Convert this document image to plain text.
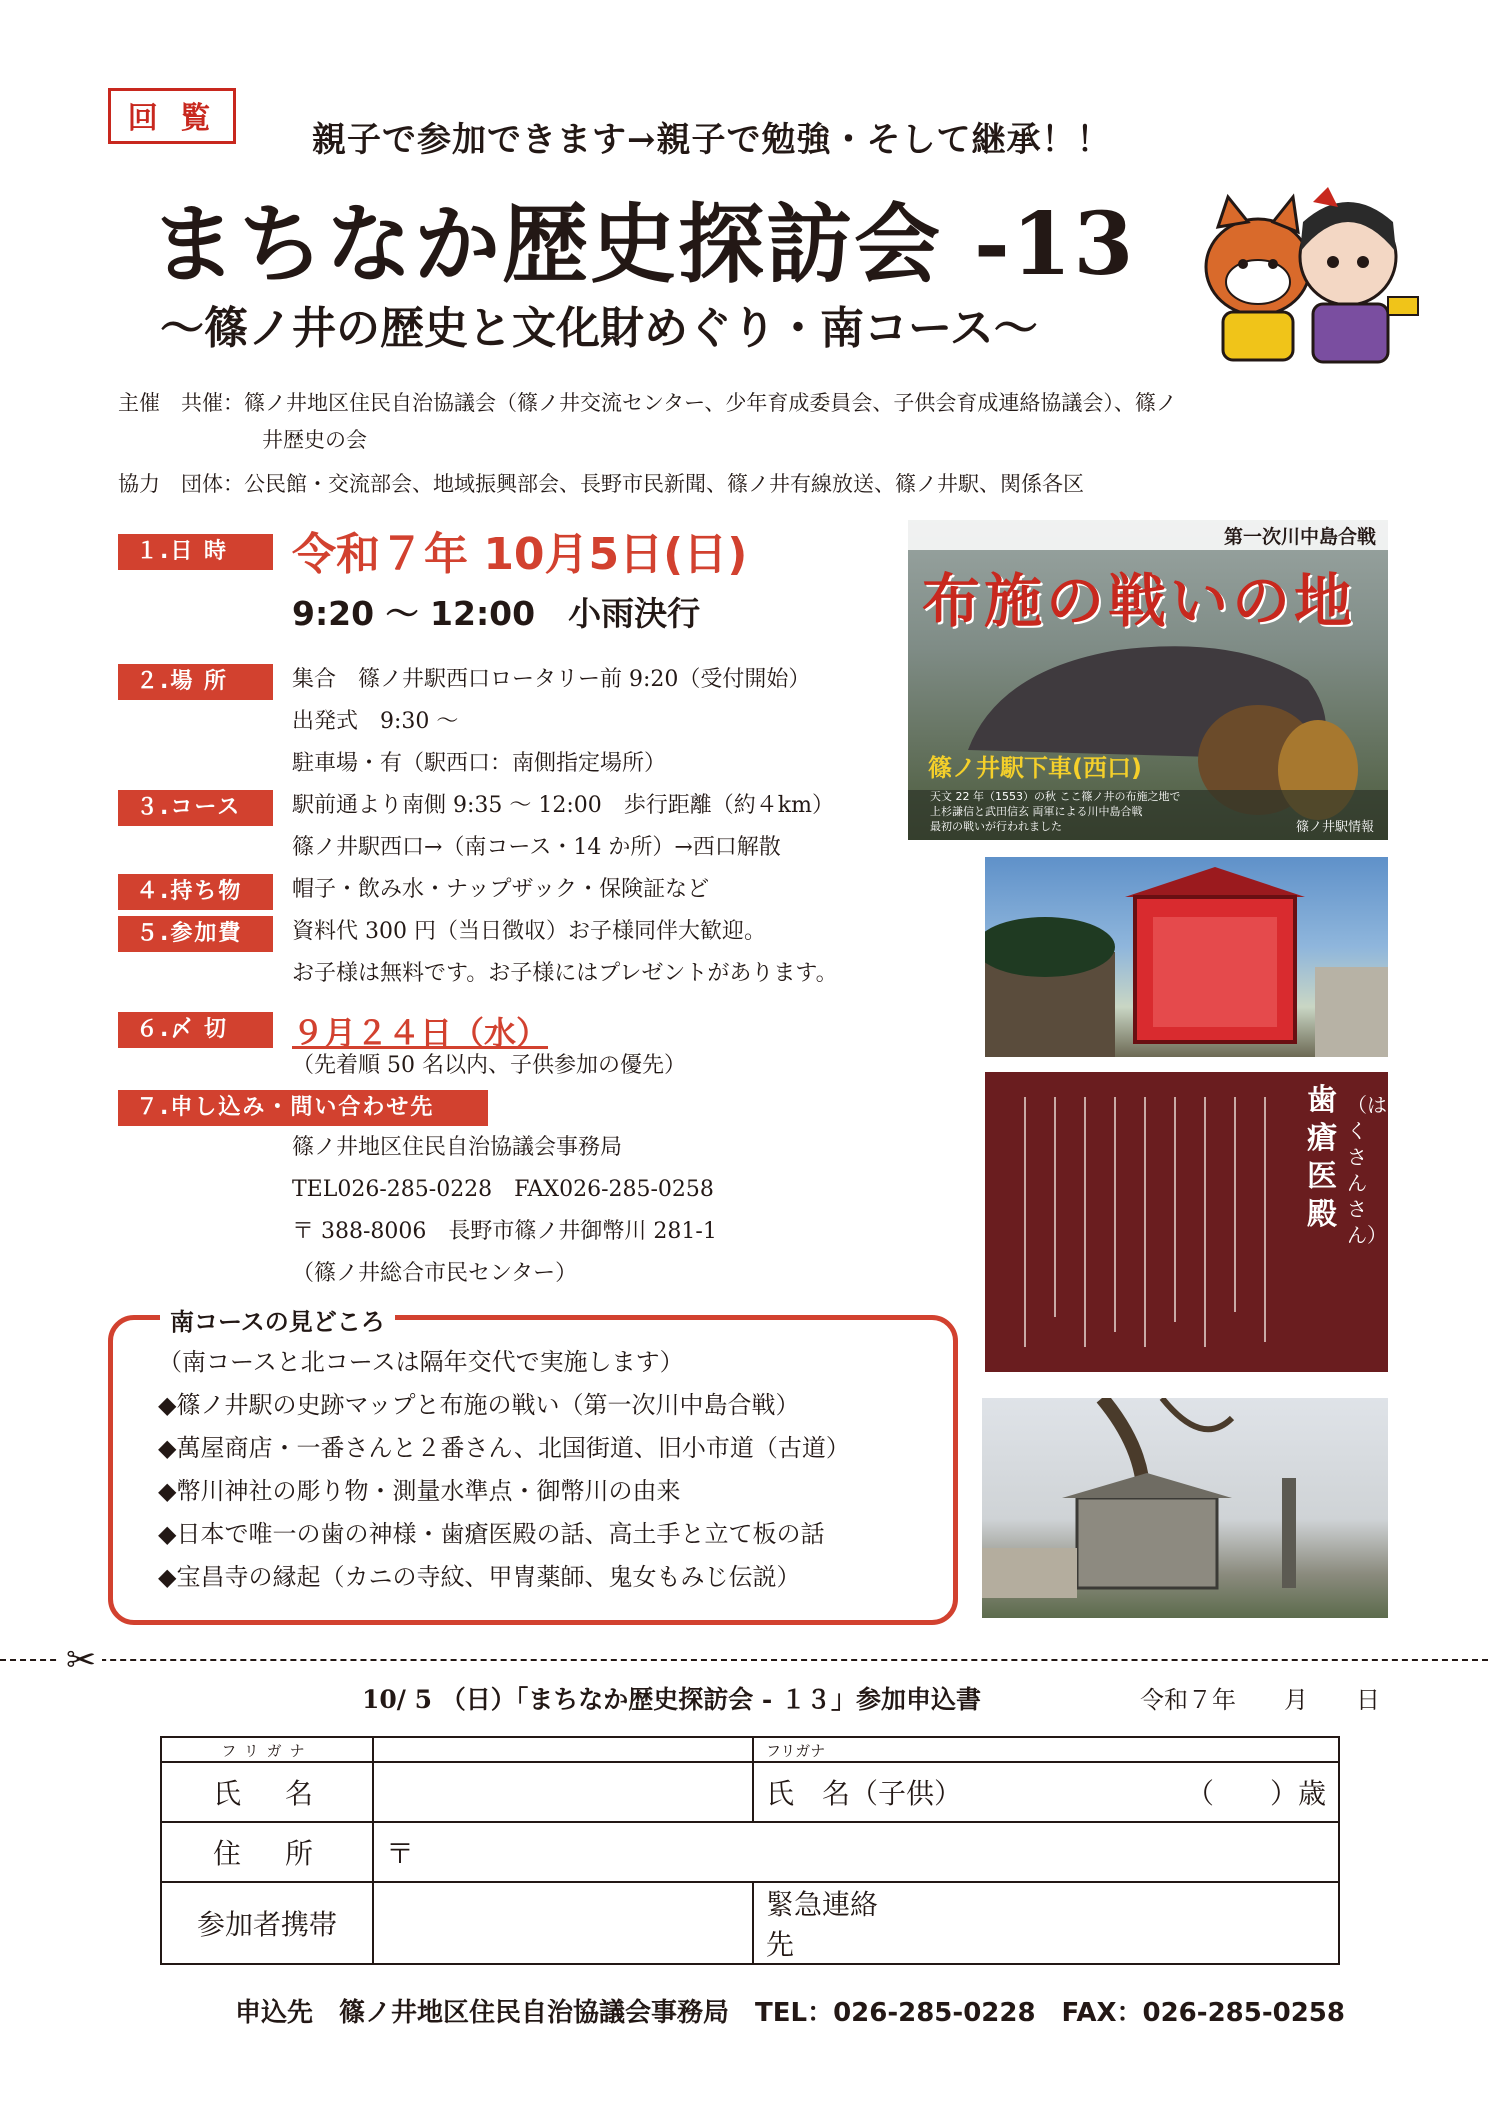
回 覧
親子で参加できます→親子で勉強・そして継承！！
まちなか歴史探訪会 -13
〜篠ノ井の歴史と文化財めぐり・南コース〜
主催　共催：篠ノ井地区住民自治協議会（篠ノ井交流センター、少年育成委員会、子供会育成連絡協議会）、篠ノ
井歴史の会
協力　団体：公民館・交流部会、地域振興部会、長野市民新聞、篠ノ井有線放送、篠ノ井駅、関係各区
１.日 時	令和７年 10月5日(日)
9:20 〜 12:00　小雨決行
２.場 所	集合　篠ノ井駅西口ロータリー前 9:20（受付開始）
出発式　9:30 〜
駐車場・有（駅西口：南側指定場所）
３.コース	駅前通より南側 9:35 〜 12:00　歩行距離（約４km）
篠ノ井駅西口→（南コース・14 か所）→西口解散
４.持ち物	帽子・飲み水・ナップザック・保険証など
５.参加費	資料代 300 円（当日徴収）お子様同伴大歓迎。
お子様は無料です。お子様にはプレゼントがあります。
６.〆 切	９月２４日（水）
（先着順 50 名以内、子供参加の優先）
７.申し込み・問い合わせ先
篠ノ井地区住民自治協議会事務局
TEL026-285-0228　FAX026-285-0258
〒 388-8006　長野市篠ノ井御幣川 281-1
（篠ノ井総合市民センター）
南コースの見どころ
（南コースと北コースは隔年交代で実施します）
◆篠ノ井駅の史跡マップと布施の戦い（第一次川中島合戦）
◆萬屋商店・一番さんと２番さん、北国街道、旧小市道（古道）
◆幣川神社の彫り物・測量水準点・御幣川の由来
◆日本で唯一の歯の神様・歯瘡医殿の話、高土手と立て板の話
◆宝昌寺の縁起（カニの寺紋、甲冑薬師、鬼女もみじ伝説）
第一次川中島合戦
布施の戦いの地
篠ノ井駅下車(西口)
天文 22 年（1553）の秋 ここ篠ノ井の布施之地で
上杉謙信と武田信玄 両軍による川中島合戦
最初の戦いが行われました	篠ノ井駅情報
歯瘡医殿
（はくさんさん）
✂
10/ 5 （日）「まちなか歴史探訪会 - １３」参加申込書	令和７年　　月　　日
フリガナ		フリガナ	
氏　名		氏　名（子供） （　　）歳	

住　所	〒		
参加者携帯		緊急連絡先	
申込先　篠ノ井地区住民自治協議会事務局　TEL：026-285-0228　FAX：026-285-0258
